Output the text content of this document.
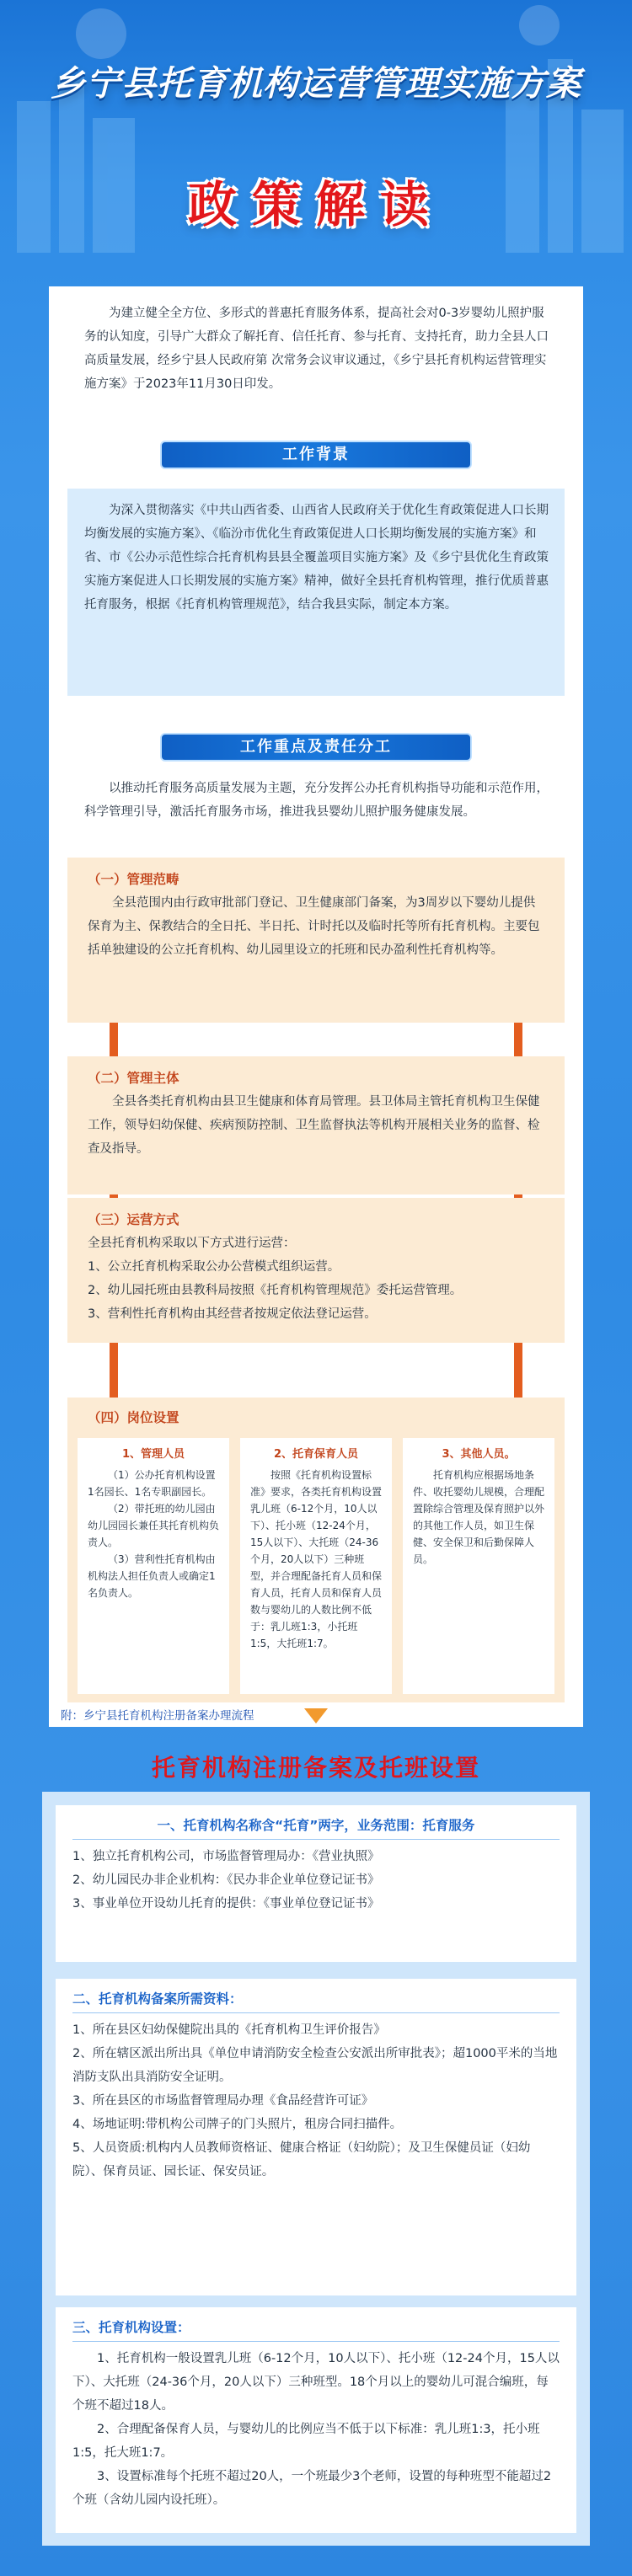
乡宁县托育机构运营管理实施方案
政策解读
为建立健全全方位、多形式的普惠托育服务体系，提高社会对0-3岁婴幼儿照护服务的认知度，引导广大群众了解托育、信任托育、参与托育、支持托育，助力全县人口高质量发展，经乡宁县人民政府第 次常务会议审议通过，《乡宁县托育机构运营管理实施方案》于2023年11月30日印发。
工作背景
为深入贯彻落实《中共山西省委、山西省人民政府关于优化生育政策促进人口长期均衡发展的实施方案》、《临汾市优化生育政策促进人口长期均衡发展的实施方案》和省、市《公办示范性综合托育机构县县全覆盖项目实施方案》及《乡宁县优化生育政策实施方案促进人口长期发展的实施方案》精神，做好全县托育机构管理，推行优质普惠托育服务，根据《托育机构管理规范》，结合我县实际，制定本方案。
工作重点及责任分工
以推动托育服务高质量发展为主题，充分发挥公办托育机构指导功能和示范作用，科学管理引导，激活托育服务市场，推进我县婴幼儿照护服务健康发展。
（一）管理范畴
全县范围内由行政审批部门登记、卫生健康部门备案，为3周岁以下婴幼儿提供保育为主、保教结合的全日托、半日托、计时托以及临时托等所有托育机构。主要包括单独建设的公立托育机构、幼儿园里设立的托班和民办盈利性托育机构等。
（二）管理主体
全县各类托育机构由县卫生健康和体育局管理。县卫体局主管托育机构卫生保健工作，领导妇幼保健、疾病预防控制、卫生监督执法等机构开展相关业务的监督、检查及指导。
（三）运营方式
全县托育机构采取以下方式进行运营：
1、公立托育机构采取公办公营模式组织运营。
2、幼儿园托班由县教科局按照《托育机构管理规范》委托运营管理。
3、营利性托育机构由其经营者按规定依法登记运营。
（四）岗位设置
1、管理人员
（1）公办托育机构设置1名园长、1名专职副园长。
（2）带托班的幼儿园由幼儿园园长兼任其托育机构负责人。
（3）营利性托育机构由机构法人担任负责人或确定1名负责人。
2、托育保育人员
按照《托育机构设置标准》要求，各类托育机构设置乳儿班（6-12个月，10人以下）、托小班（12-24个月，15人以下）、大托班（24-36个月，20人以下）三种班型，并合理配备托育人员和保育人员，托育人员和保育人员数与婴幼儿的人数比例不低于：乳儿班1:3，小托班1:5，大托班1:7。
3、其他人员。
托育机构应根据场地条件、收托婴幼儿规模，合理配置除综合管理及保育照护以外的其他工作人员，如卫生保健、安全保卫和后勤保障人员。
附：乡宁县托育机构注册备案办理流程
托育机构注册备案及托班设置
一、托育机构名称含“托育”两字，业务范围：托育服务

1、独立托育机构公司，市场监督管理局办：《营业执照》

2、幼儿园民办非企业机构：《民办非企业单位登记证书》

3、事业单位开设幼儿托育的提供：《事业单位登记证书》

二、托育机构备案所需资料：

1、所在县区妇幼保健院出具的《托育机构卫生评价报告》

2、所在辖区派出所出具《单位申请消防安全检查公安派出所审批表》；超1000平米的当地消防支队出具消防安全证明。

3、所在县区的市场监督管理局办理《食品经营许可证》

4、场地证明:带机构公司牌子的门头照片，租房合同扫描件。

5、人员资质:机构内人员教师资格证、健康合格证（妇幼院）；及卫生保健员证（妇幼院）、保育员证、园长证、保安员证。

三、托育机构设置：

1、托育机构一般设置乳儿班（6-12个月，10人以下）、托小班（12-24个月，15人以下）、大托班（24-36个月，20人以下）三种班型。18个月以上的婴幼儿可混合编班，每个班不超过18人。

2、合理配备保育人员，与婴幼儿的比例应当不低于以下标准：乳儿班1:3，托小班1:5，托大班1:7。

3、设置标准每个托班不超过20人，一个班最少3个老师，设置的每种班型不能超过2个班（含幼儿园内设托班）。
